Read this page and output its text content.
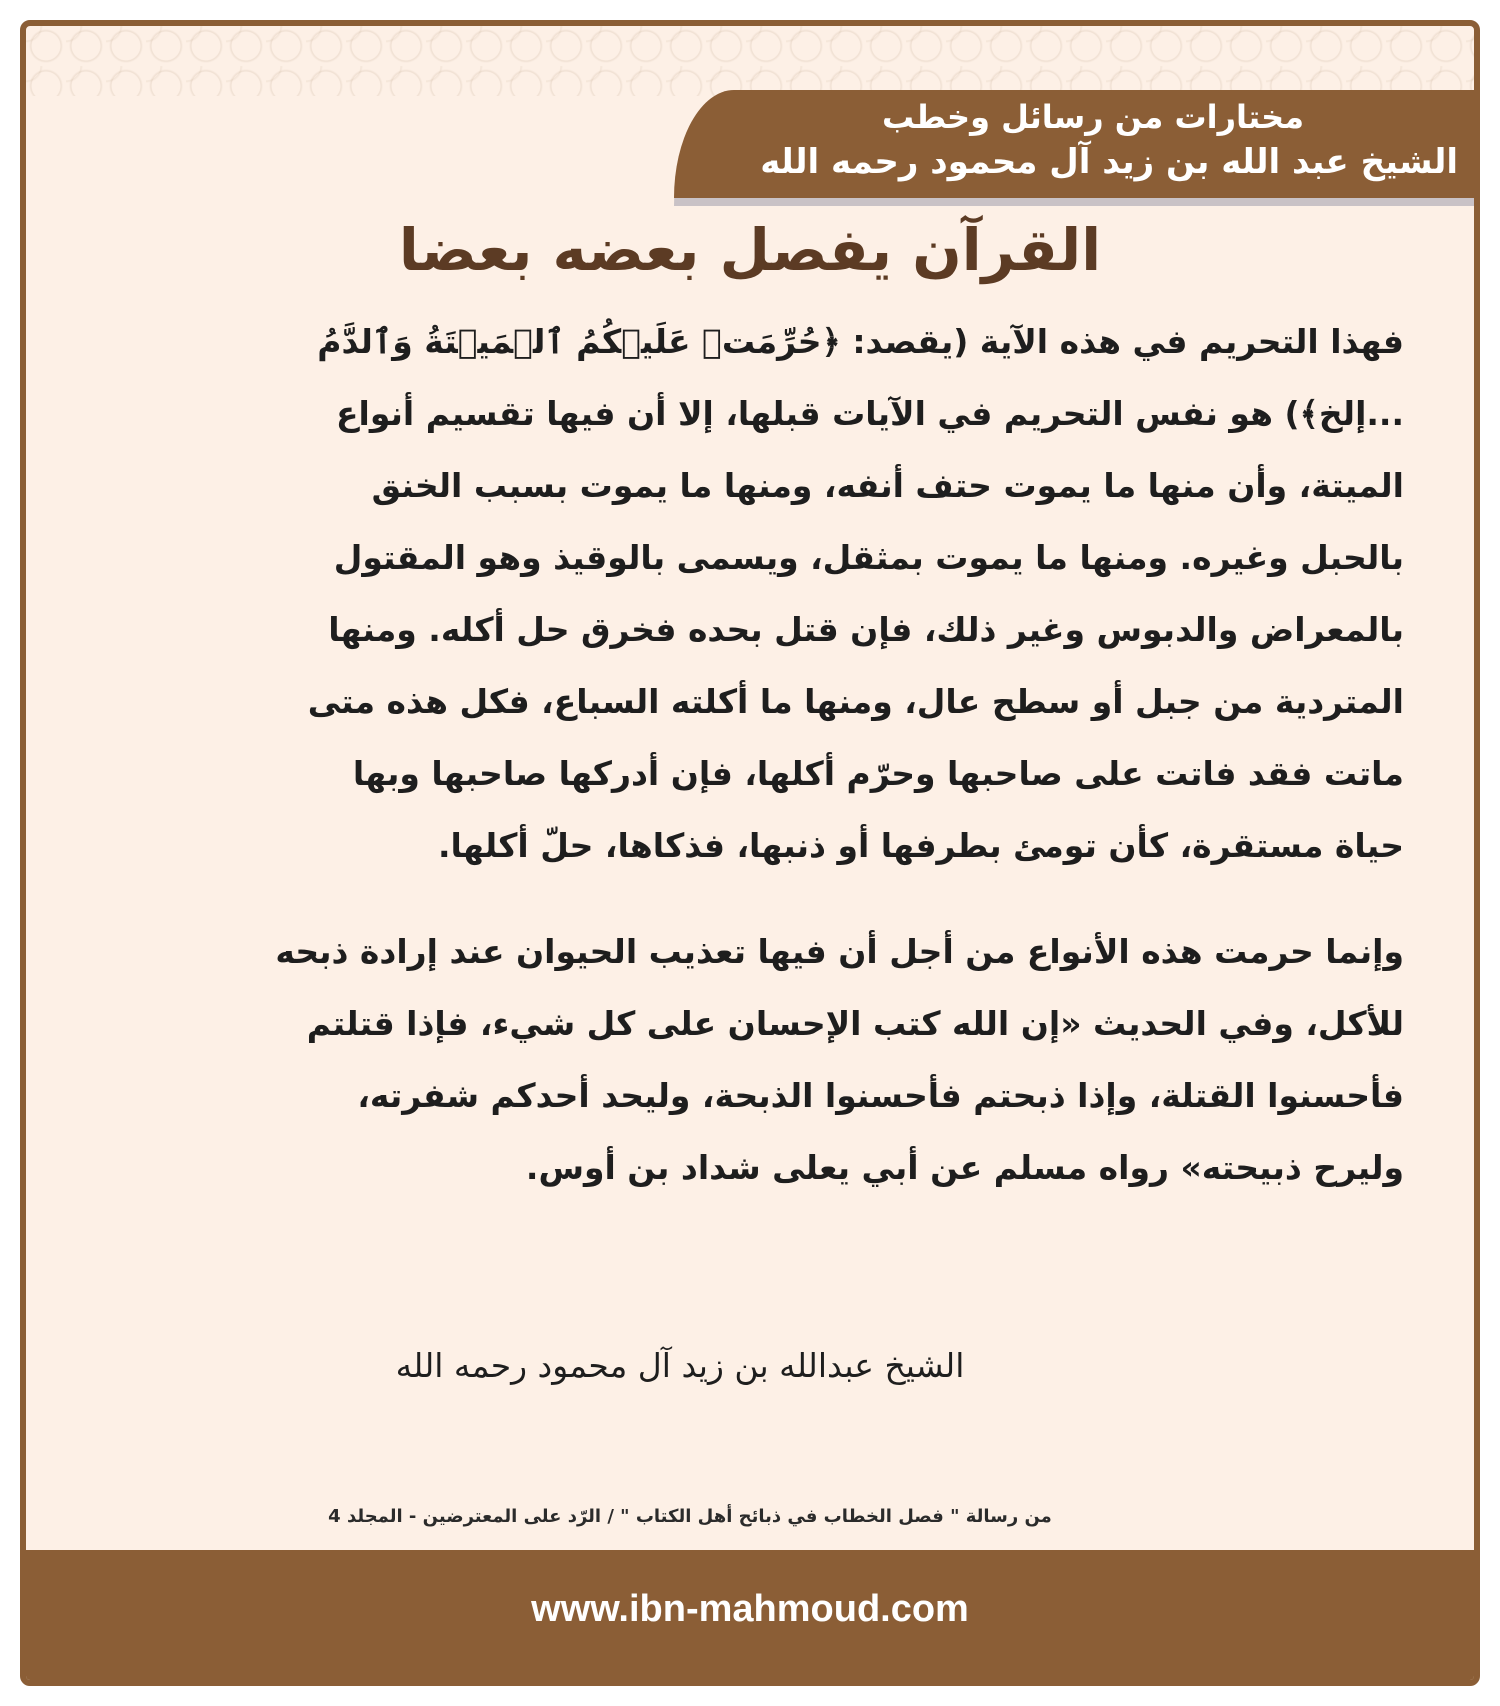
مختارات من رسائل وخطب
الشيخ عبد الله بن زيد آل محمود رحمه الله
القرآن يفصل بعضه بعضا
فهذا التحريم في هذه الآية (يقصد: ﴿حُرِّمَتۡ عَلَيۡكُمُ ٱلۡمَيۡتَةُ وَٱلدَّمُ
...إلخ﴾) هو نفس التحريم في الآيات قبلها، إلا أن فيها تقسيم أنواع
الميتة، وأن منها ما يموت حتف أنفه، ومنها ما يموت بسبب الخنق
بالحبل وغيره. ومنها ما يموت بمثقل، ويسمى بالوقيذ وهو المقتول
بالمعراض والدبوس وغير ذلك، فإن قتل بحده فخرق حل أكله. ومنها
المتردية من جبل أو سطح عال، ومنها ما أكلته السباع، فكل هذه متى
ماتت فقد فاتت على صاحبها وحرّم أكلها، فإن أدركها صاحبها وبها
حياة مستقرة، كأن تومئ بطرفها أو ذنبها، فذكاها، حلّ أكلها.
وإنما حرمت هذه الأنواع من أجل أن فيها تعذيب الحيوان عند إرادة ذبحه
للأكل، وفي الحديث «إن الله كتب الإحسان على كل شيء، فإذا قتلتم
فأحسنوا القتلة، وإذا ذبحتم فأحسنوا الذبحة، وليحد أحدكم شفرته،
وليرح ذبيحته» رواه مسلم عن أبي يعلى شداد بن أوس.
الشيخ عبدالله بن زيد آل محمود رحمه الله
من رسالة " فصل الخطاب في ذبائح أهل الكتاب " / الرّد على المعترضين - المجلد 4
www.ibn-mahmoud.com
